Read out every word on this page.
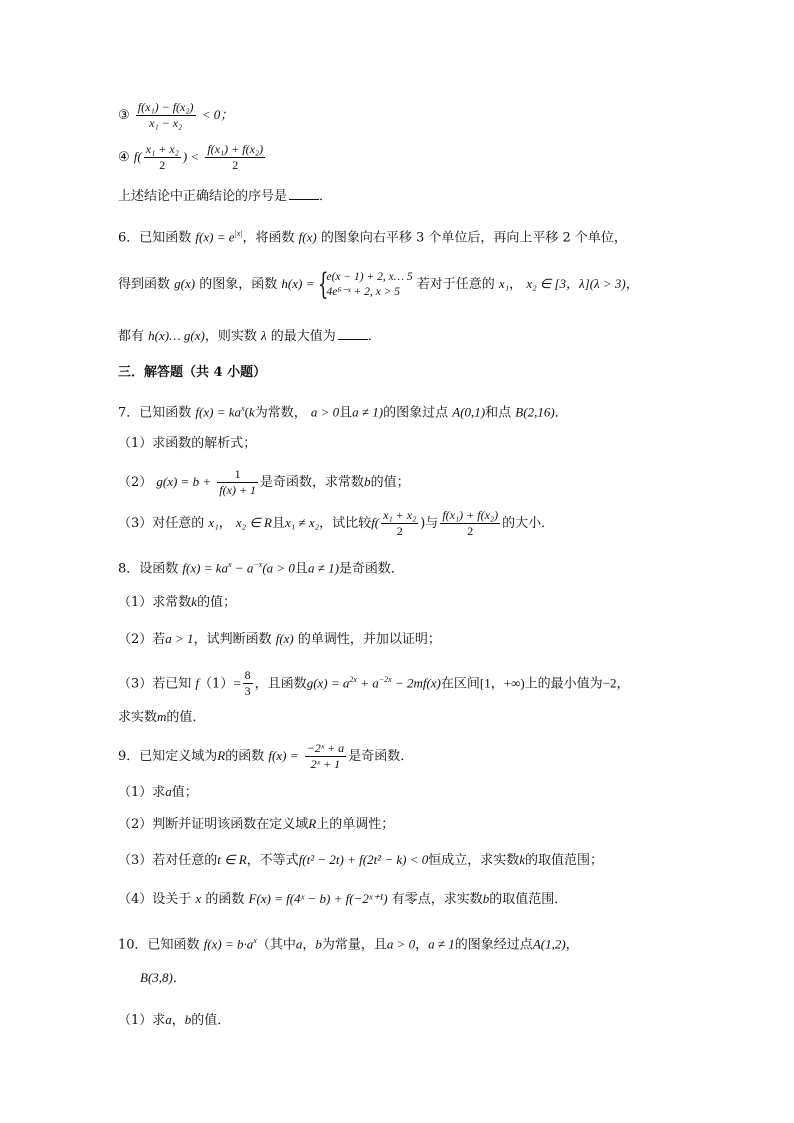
③ $\frac{\text{f(x₁) − f(x₂)}}{\text{x₁ − x₂}} < 0$；
④ $f( \frac{\text{x₁ + x₂}}{2}$ ) < $\frac{\text{f(x₁) + f(x₂)}}{2}$
上述结论中正确结论的序号是 ．
6．已知函数 $f(x) = e^{|x|}$，将函数 f(x) 的图象向右平移 3 个单位后，再向上平移 2 个单位，
得到函数 g(x) 的图象，函数 h(x) = {
e(x − 1) + 2, x… 5
4e⁶⁻ˣ + 2, x > 5	若对于任意的 x₁， x₂ ∈ [3，λ](λ > 3)，
都有 h(x)… g(x)，则实数 λ 的最大值为 ．
三．解答题（共 4 小题）
7．已知函数 $f(x) = ka^x(k$为常数， a > 0且a ≠ 1)的图象过点 A(0,1)和点 B(2,16)．
（1）求函数的解析式；
（2） $g(x) = b + \frac{1}{f(x) + 1}$ 是奇函数，求常数b的值；
（3）对任意的 x₁， x₂ ∈ R且x₁ ≠ x₂，试比较$f( \frac{\text{x₁ + x₂}}{2}$ )与 $\frac{\text{f(x₁) + f(x₂)}}{2}$ 的大小．
8．设函数 $f(x) = ka^x - a^{-x}(a > 0$且a ≠ 1)是奇函数．
（1）求常数k的值；
（2）若a > 1，试判断函数 f(x) 的单调性，并加以证明；
（3）若已知 $f(1)= \frac{8}{3}$ ，且函数$g(x) = a^{2x} + a^{-2x} - 2mf(x)$在区间[1，+∞)上的最小值为−2，
求实数m的值．
9．已知定义域为R的函数 $f(x) = \frac{\text{−2ˣ + a}}{\text{2ˣ + 1}}$ 是奇函数．
（1）求a值；
（2）判断并证明该函数在定义域R上的单调性；
（3）若对任意的t ∈ R，不等式f(t² − 2t) + f(2t² − k) < 0恒成立，求实数k的取值范围；
（4）设关于 x 的函数 F(x) = f(4ˣ − b) + f(−2ˣ⁺¹) 有零点，求实数b的取值范围．
10．已知函数 $f(x) = b\cdot a^x$（其中a，b为常量，且a > 0，a ≠ 1的图象经过点A(1,2)，
B(3,8)．
（1）求a，b的值．
